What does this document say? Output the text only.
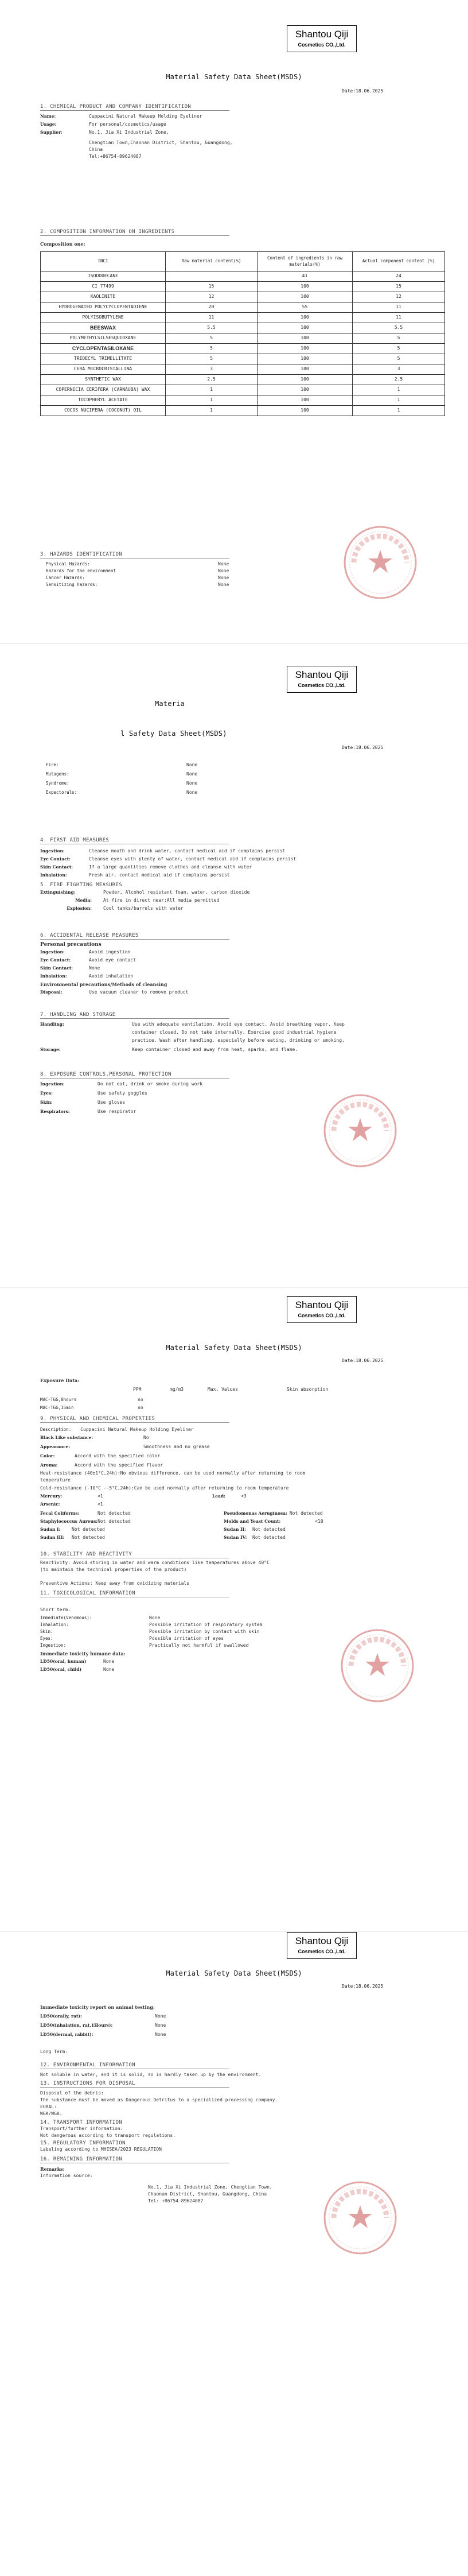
Shantou Qiji
Cosmetics CO.,Ltd.
Material Safety Data Sheet(MSDS)
Date:18.06.2025
1. CHEMICAL PRODUCT AND COMPANY IDENTIFICATION
Name:	Cuppacini Natural Makeup Holding Eyeliner
Usage:	For personal/cosmetics/usage
Supplier:	No.1, Jia Xi Industrial Zone,
Chengtian Town,Chaonan District, Shantou, Guangdong,
China
Tel:+86754-89624087
2. COMPOSITION INFORMATION ON INGREDIENTS
Composition one:
INCI	Raw material content(%)	Content of ingredients in raw materials(%)	Actual component content (%)
ISODODECANE		41	24
CI 77499	15	100	15
KAOLINITE	12	100	12
HYDROGENATED POLYCYCLOPENTADIENE	20	55	11
POLYISOBUTYLENE	11	100	11
BEESWAX	5.5	100	5.5
POLYMETHYLSILSESQUIOXANE	5	100	5
CYCLOPENTASILOXANE	5	100	5
TRIDECYL TRIMELLITATE	5	100	5
CERA MICROCRISTALLINA	3	100	3
SYNTHETIC WAX	2.5	100	2.5
COPERNICIA CERIFERA (CARNAUBA) WAX	1	100	1
TOCOPHERYL ACETATE	1	100	1
COCOS NUCIFERA (COCONUT) OIL	1	100	1
3. HAZARDS IDENTIFICATION
Physical Hazards:	None
Hazards for the environment	None
Cancer Hazards:	None
Sensitizing hazards:	None
Shantou Qiji
Cosmetics CO.,Ltd.
Materia
l Safety Data Sheet(MSDS)
Date:18.06.2025
Fire:	None
Mutagens:	None
Syndrome:	None
Expectorals:	None
4. FIRST AID MEASURES
Ingestion:	Cleanse mouth and drink water, contact medical aid if complains persist
Eye Contact:	Cleanse eyes with plenty of water, contact medical aid if complains persist
Skin Contact:	If a large quantities remove clothes and cleanse with water
Inhalation:	Fresh air, contact medical aid if complains persist
5. FIRE FIGHTING MEASURES
Extinguishing:	Powder, Alcohol resistant foam, water, carbon dioxide
Media:	At fire in direct near:All media permitted
Explosion:	Cool tanks/barrels with water
6. ACCIDENTAL RELEASE MEASURES
Personal precautions
Ingestion:	Avoid ingestion
Eye Contact:	Avoid eye contact
Skin Contact:	None
Inhalation:	Avoid inhalation
Environmental precautions/Methods of cleansing
Disposal:	Use vacuum cleaner to remove product
7. HANDLING AND STORAGE
Handling:	Use with adequate ventilation. Avoid eye contact. Avoid breathing vapor. Keep
container closed. Do not take internally. Exercise good industrial hygiene
practice. Wash after handling, especially before eating, drinking or smoking.
Storage:	Keep container closed and away from heat, sparks, and flame.
8. EXPOSURE CONTROLS,PERSONAL PROTECTION
Ingestion:	Do not eat, drink or smoke during work
Eyes:	Use safety goggles
Skin:	Use gloves
Respirators:	Use respirator
Shantou Qiji
Cosmetics CO.,Ltd.
Material Safety Data Sheet(MSDS)
Date:18.06.2025
Exposure Data:
PPM	mg/m3	Max. Values	Skin absorption
MAC-TGG,8hours	no
MAC-TGG,15min	no
9. PHYSICAL AND CHEMICAL PROPERTIES
Description: Cuppacini Natural Makeup Holding Eyeliner
Black Like substance:	No
Appearance:	Smoothness and no grease
Color:	Accord with the specified color
Aroma:	Accord with the specified flavor
Heat-resistance (40±1°C,24h):No obvious difference, can be used normally after returning to room
temperature
Cold-resistance (-10°C ~-5°C,24h):Can be used normally after returning to room temperature
Mercury:	<1	Lead:	<3
Arsenic:	<1
Fecal Coliforms:	Not detected	Pseudomonas Aeruginosa: Not detected
Staphylococcus Aureus:Not detected	Molds and Yeast Count:	<10
Sudan I: Not detected	Sudan II: Not detected
Sudan III: Not detected	Sudan IV: Not detected
10. STABILITY AND REACTIVITY
Reactivity: Avoid storing in water and warm conditions like temperatures above 40°C
(to maintain the technical properties of the product)
Preventive Actions: Keep away from oxidizing materials
11. TOXICOLOGICAL INFORMATION
Short term:
Immediate(Venomous):	None
Inhalation:	Possible irritation of respiratory system
Skin:	Possible irritation by contact with skin
Eyes:	Possible irritation of eyes
Ingestion:	Practically not harmful if swallowed
Immediate toxicity humane data:
LD50(oral, human)	None
LD50(oral, child)	None
Shantou Qiji
Cosmetics CO.,Ltd.
Material Safety Data Sheet(MSDS)
Date:18.06.2025
Immediate toxicity report on animal testing:
LD50(orally, rat):	None
LD50(inhalation, rat,1Hours):	None
LD50(dermal, rabbit):	None
Long Term:
12. ENVIRONMENTAL INFORMATION
Not soluble in water, and it is solid, so is hardly taken up by the environment.
13. INSTRUCTIONS FOR DISPOSAL
Disposal of the debris:
The substance must be moved as Dangerous Detritus to a specialized processing company.
EURAL:
WGK/WGA:
14. TRANSPORT INFORMATION
Transport/further information:
Not dangerous according to transport regulations.
15. REGULATORY INFORMATION
Labeling according to MHISEA/2023 REGULATION
16. REMAINING INFORMATION
Remarks:
Information source:
No.1, Jia Xi Industrial Zone, Chengtian Town,
Chaonan District, Shantou, Guangdong, China
Tel: +86754-89624087
